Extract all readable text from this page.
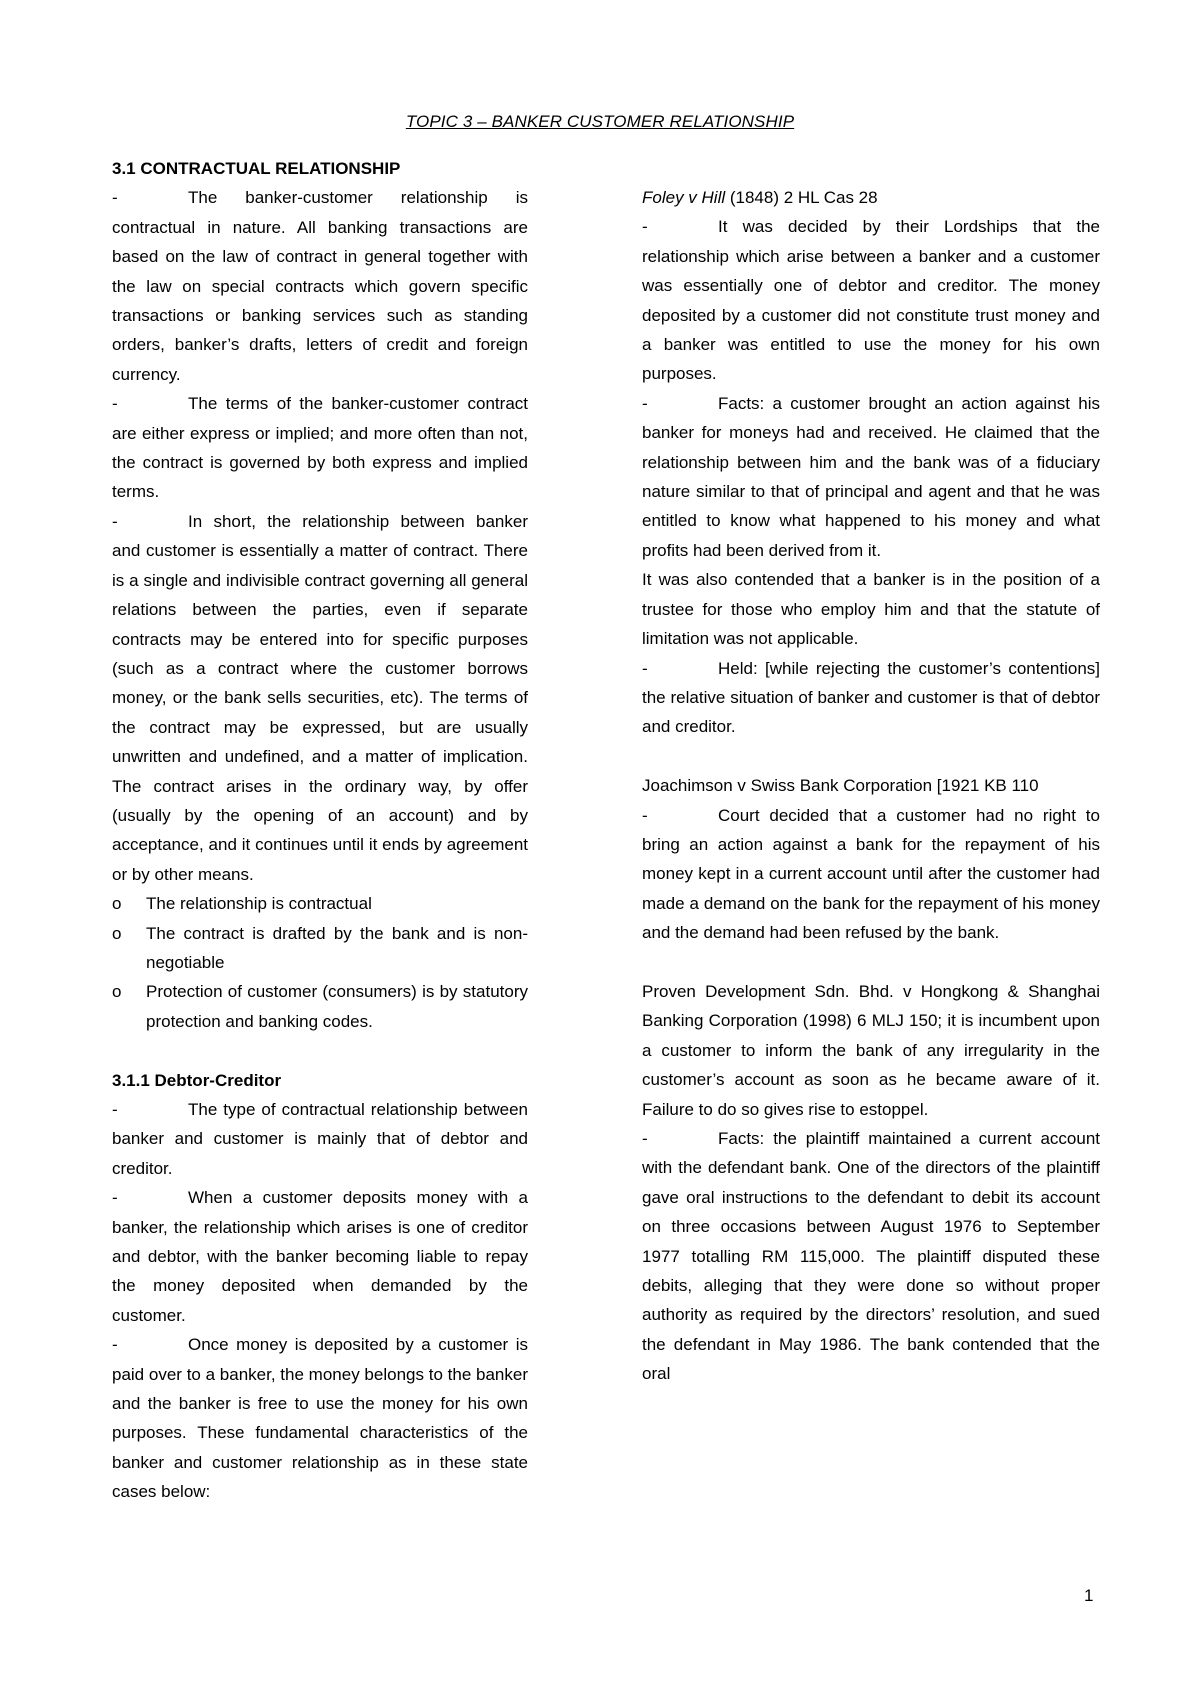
TOPIC 3 – BANKER CUSTOMER RELATIONSHIP

3.1 CONTRACTUAL RELATIONSHIP

-	The banker-customer relationship is contractual in nature. All banking transactions are based on the law of contract in general together with the law on special contracts which govern specific transactions or banking services such as standing orders, banker’s drafts, letters of credit and foreign currency.

-	The terms of the banker-customer contract are either express or implied; and more often than not, the contract is governed by both express and implied terms.

-	In short, the relationship between banker and customer is essentially a matter of contract. There is a single and indivisible contract governing all general relations between the parties, even if separate contracts may be entered into for specific purposes (such as a contract where the customer borrows money, or the bank sells securities, etc). The terms of the contract may be expressed, but are usually unwritten and undefined, and a matter of implication. The contract arises in the ordinary way, by offer (usually by the opening of an account) and by acceptance, and it continues until it ends by agreement or by other means.

o	The relationship is contractual
o	The contract is drafted by the bank and is non-negotiable
o	Protection of customer (consumers) is by statutory protection and banking codes.

3.1.1 Debtor-Creditor

-	The type of contractual relationship between banker and customer is mainly that of debtor and creditor.

-	When a customer deposits money with a banker, the relationship which arises is one of creditor and debtor, with the banker becoming liable to repay the money deposited when demanded by the customer.

-	Once money is deposited by a customer is paid over to a banker, the money belongs to the banker and the banker is free to use the money for his own purposes. These fundamental characteristics of the banker and customer relationship as in these state cases below:

Foley v Hill (1848) 2 HL Cas 28

-	It was decided by their Lordships that the relationship which arise between a banker and a customer was essentially one of debtor and creditor. The money deposited by a customer did not constitute trust money and a banker was entitled to use the money for his own purposes.

-	Facts: a customer brought an action against his banker for moneys had and received. He claimed that the relationship between him and the bank was of a fiduciary nature similar to that of principal and agent and that he was entitled to know what happened to his money and what profits had been derived from it.

It was also contended that a banker is in the position of a trustee for those who employ him and that the statute of limitation was not applicable.

-	Held: [while rejecting the customer’s contentions] the relative situation of banker and customer is that of debtor and creditor.

Joachimson v Swiss Bank Corporation [1921 KB 110

-	Court decided that a customer had no right to bring an action against a bank for the repayment of his money kept in a current account until after the customer had made a demand on the bank for the repayment of his money and the demand had been refused by the bank.

Proven Development Sdn. Bhd. v Hongkong & Shanghai Banking Corporation (1998) 6 MLJ 150; it is incumbent upon a customer to inform the bank of any irregularity in the customer’s account as soon as he became aware of it. Failure to do so gives rise to estoppel.

-	Facts: the plaintiff maintained a current account with the defendant bank. One of the directors of the plaintiff gave oral instructions to the defendant to debit its account on three occasions between August 1976 to September 1977 totalling RM 115,000. The plaintiff disputed these debits, alleging that they were done so without proper authority as required by the directors’ resolution, and sued the defendant in May 1986. The bank contended that the oral

1
